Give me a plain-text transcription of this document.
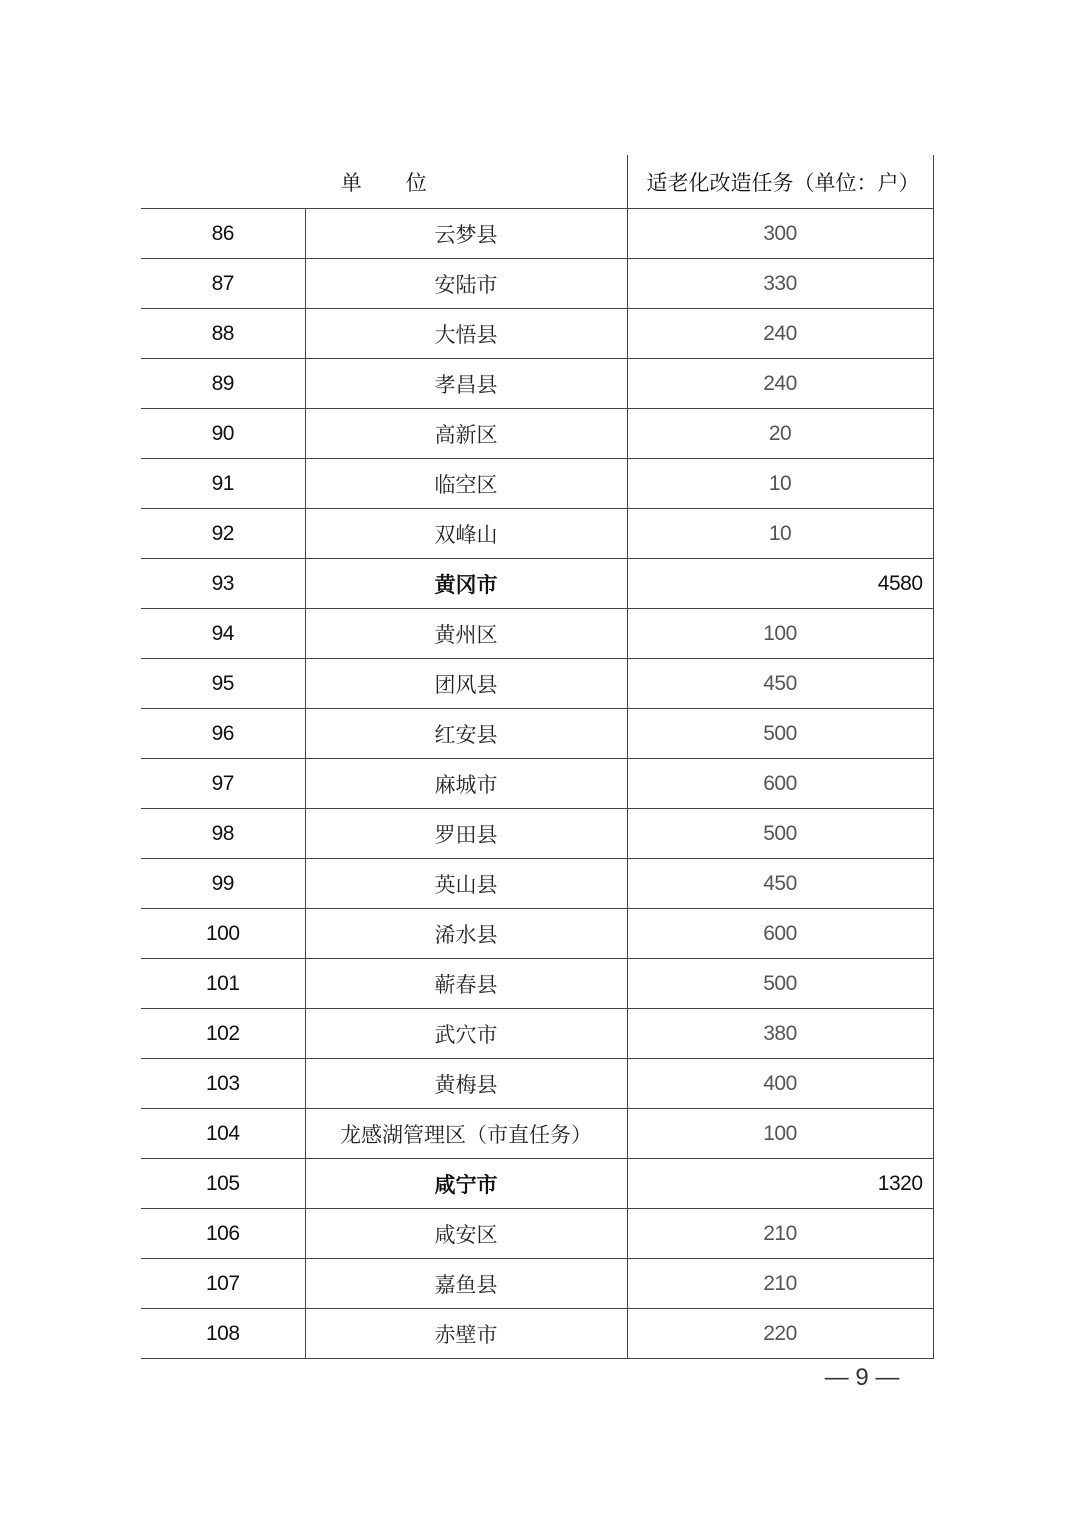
单 位		适老化改造任务（单位：户）
86	云梦县	300
87	安陆市	330
88	大悟县	240
89	孝昌县	240
90	高新区	20
91	临空区	10
92	双峰山	10
93	黄冈市	4580
94	黄州区	100
95	团风县	450
96	红安县	500
97	麻城市	600
98	罗田县	500
99	英山县	450
100	浠水县	600
101	蕲春县	500
102	武穴市	380
103	黄梅县	400
104	龙感湖管理区（市直任务）	100
105	咸宁市	1320
106	咸安区	210
107	嘉鱼县	210
108	赤壁市	220
— 9 —
